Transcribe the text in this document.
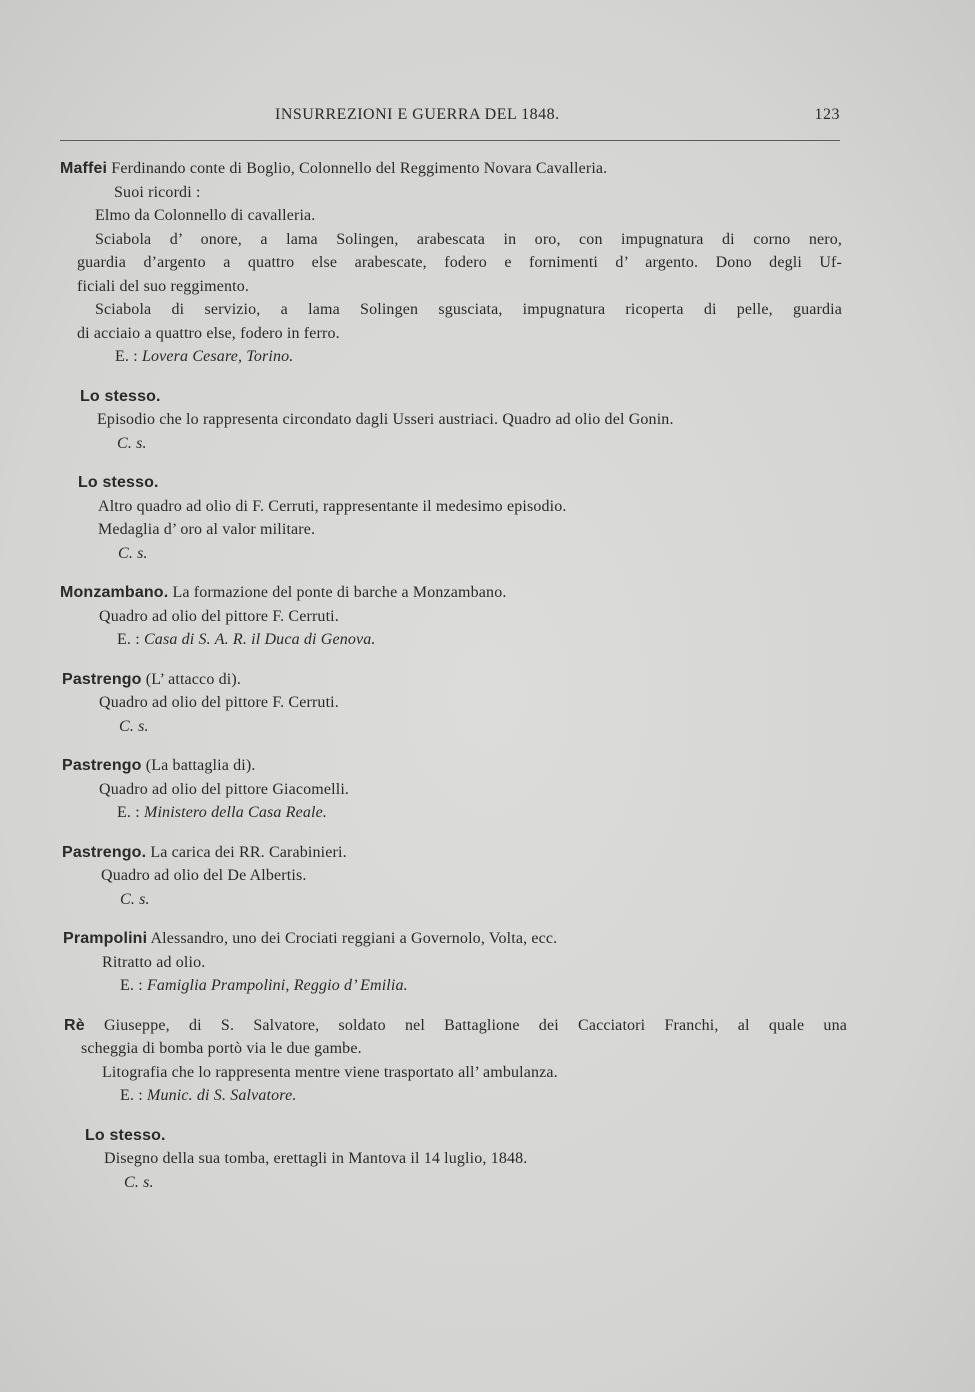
INSURREZIONI E GUERRA DEL 1848.	123
Maffei Ferdinando conte di Boglio, Colonnello del Reggimento Novara Cavalleria.
Suoi ricordi :
Elmo da Colonnello di cavalleria.
Sciabola d’ onore, a lama Solingen, arabescata in oro, con impugnatura di corno nero,
guardia d’argento a quattro else arabescate, fodero e fornimenti d’ argento. Dono degli Uf-
ficiali del suo reggimento.
Sciabola di servizio, a lama Solingen sgusciata, impugnatura ricoperta di pelle, guardia
di acciaio a quattro else, fodero in ferro.
E. : Lovera Cesare, Torino.
Lo stesso.
Episodio che lo rappresenta circondato dagli Usseri austriaci. Quadro ad olio del Gonin.
C. s.
Lo stesso.
Altro quadro ad olio di F. Cerruti, rappresentante il medesimo episodio.
Medaglia d’ oro al valor militare.
C. s.
Monzambano. La formazione del ponte di barche a Monzambano.
Quadro ad olio del pittore F. Cerruti.
E. : Casa di S. A. R. il Duca di Genova.
Pastrengo (L’ attacco di).
Quadro ad olio del pittore F. Cerruti.
C. s.
Pastrengo (La battaglia di).
Quadro ad olio del pittore Giacomelli.
E. : Ministero della Casa Reale.
Pastrengo. La carica dei RR. Carabinieri.
Quadro ad olio del De Albertis.
C. s.
Prampolini Alessandro, uno dei Crociati reggiani a Governolo, Volta, ecc.
Ritratto ad olio.
E. : Famiglia Prampolini, Reggio d’ Emilia.
Rè Giuseppe, di S. Salvatore, soldato nel Battaglione dei Cacciatori Franchi, al quale una
scheggia di bomba portò via le due gambe.
Litografia che lo rappresenta mentre viene trasportato all’ ambulanza.
E. : Munic. di S. Salvatore.
Lo stesso.
Disegno della sua tomba, erettagli in Mantova il 14 luglio, 1848.
C. s.
